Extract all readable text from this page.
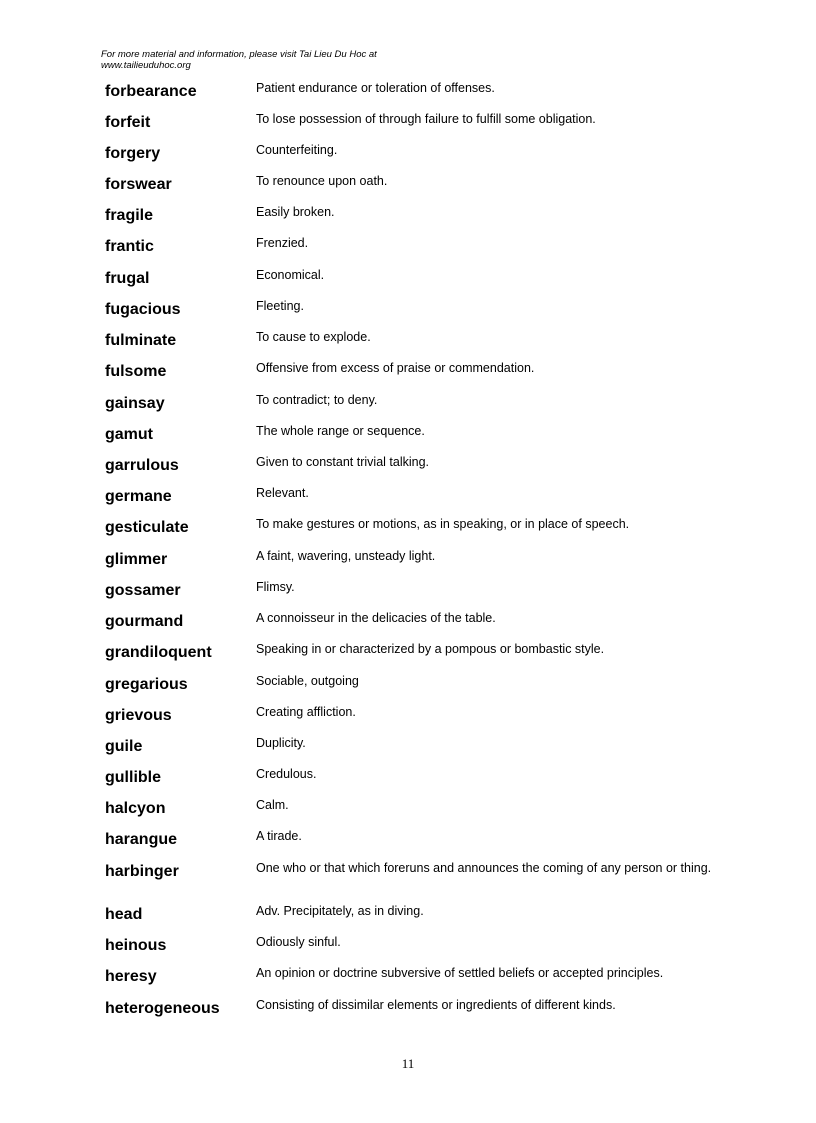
For more material and information, please visit Tai Lieu Du Hoc at
www.tailieuduhoc.org
forbearance	Patient endurance or toleration of offenses.
forfeit	To lose possession of through failure to fulfill some obligation.
forgery	Counterfeiting.
forswear	To renounce upon oath.
fragile	Easily broken.
frantic	Frenzied.
frugal	Economical.
fugacious	Fleeting.
fulminate	To cause to explode.
fulsome	Offensive from excess of praise or commendation.
gainsay	To contradict; to deny.
gamut	The whole range or sequence.
garrulous	Given to constant trivial talking.
germane	Relevant.
gesticulate	To make gestures or motions, as in speaking, or in place of speech.
glimmer	A faint, wavering, unsteady light.
gossamer	Flimsy.
gourmand	A connoisseur in the delicacies of the table.
grandiloquent	Speaking in or characterized by a pompous or bombastic style.
gregarious	Sociable, outgoing
grievous	Creating affliction.
guile	Duplicity.
gullible	Credulous.
halcyon	Calm.
harangue	A tirade.
harbinger	One who or that which foreruns and announces the coming of any person or thing.
head	Adv. Precipitately, as in diving.
heinous	Odiously sinful.
heresy	An opinion or doctrine subversive of settled beliefs or accepted principles.
heterogeneous	Consisting of dissimilar elements or ingredients of different kinds.
11
